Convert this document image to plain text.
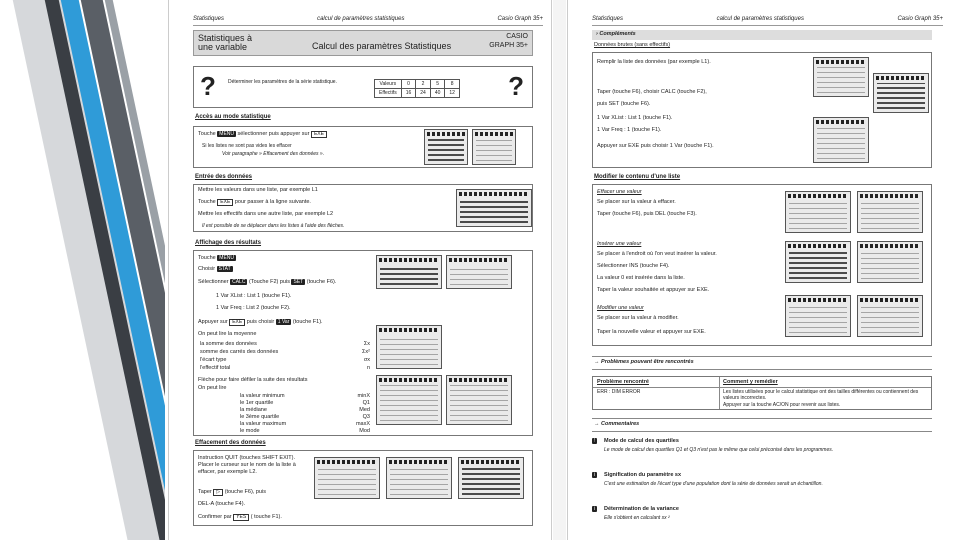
Statistiques	calcul de paramètres statistiques	Casio Graph 35+
Statistiques à une variable	Calcul des paramètres Statistiques
CASIO
GRAPH 35+
? Déterminer les paramètres de la série statistique.	Valeurs	0	2	5	8
Effectifs	16	24	40	12 ?
Accès au mode statistique
Touche MENU sélectionner puis appuyer sur EXE
Si les listes ne sont pas vides les effacer
Voir paragraphe » Effacement des données ».
Entrée des données
Mettre les valeurs dans une liste, par exemple L1
Touche EXE pour passer à la ligne suivante.
Mettre les effectifs dans une autre liste, par exemple L2
Il est possible de se déplacer dans les listes à l'aide des flèches.
Affichage des résultats
Touche MENU
Choisir STAT
Sélectionner CALC (Touche F2) puis SET (touche F6).
1 Var XList : List 1 (touche F1).
1 Var Freq : List 2 (touche F2).
Appuyer sur EXE puis choisir 1 Var (touche F1).
On peut lire la moyenne
la somme des données	Σx
somme des carrés des données	Σx²
l'écart type	σx
l'effectif total	n
Flèche pour faire défiler la suite des résultats
On peut lire
la valeur minimum	minX
le 1er quartile	Q1
la médiane	Med
le 3ème quartile	Q3
la valeur maximum	maxX
le mode	Mod
Effacement des données
Instruction QUIT (touches SHIFT EXIT). Placer le curseur sur le nom de la liste à effacer, par exemple L2.
Taper ▷ (touche F6), puis
DEL-A (touche F4).
Confirmer par YES ( touche F1).
Statistiques	calcul de paramètres statistiques	Casio Graph 35+
› Compléments
Données brutes (sans effectifs)
Remplir la liste des données (par exemple L1).
Taper (touche F6), choisir CALC (touche F2),
puis SET (touche F6).
1 Var XList : List 1 (touche F1).
1 Var Freq : 1 (touche F1).
Appuyer sur EXE puis choisir 1 Var (touche F1).
Modifier le contenu d'une liste
Effacer une valeur
Se placer sur la valeur à effacer.
Taper (touche F6), puis DEL (touche F3).
Insérer une valeur
Se placer à l'endroit où l'on veut insérer la valeur.
Sélectionner INS (touche F4).
La valeur 0 est insérée dans la liste.
Taper la valeur souhaitée et appuyer sur EXE.
Modifier une valeur
Se placer sur la valeur à modifier.
Taper la nouvelle valeur et appuyer sur EXE.
→ Problèmes pouvant être rencontrés
Problème rencontré	Comment y remédier
ERR : DIM ERROR	Les listes utilisées pour le calcul statistique ont des tailles différentes ou contiennent des valeurs incorrectes.
Appuyer sur la touche AC/ON pour revenir aux listes.
→ Commentaires
!	Mode de calcul des quartiles
Le mode de calcul des quartiles Q1 et Q3 n'est pas le même que celui préconisé dans les programmes.
i	Signification du paramètre sx
C'est une estimation de l'écart type d'une population dont la série de données serait un échantillon.
i	Détermination de la variance
Elle s'obtient en calculant sx ²
